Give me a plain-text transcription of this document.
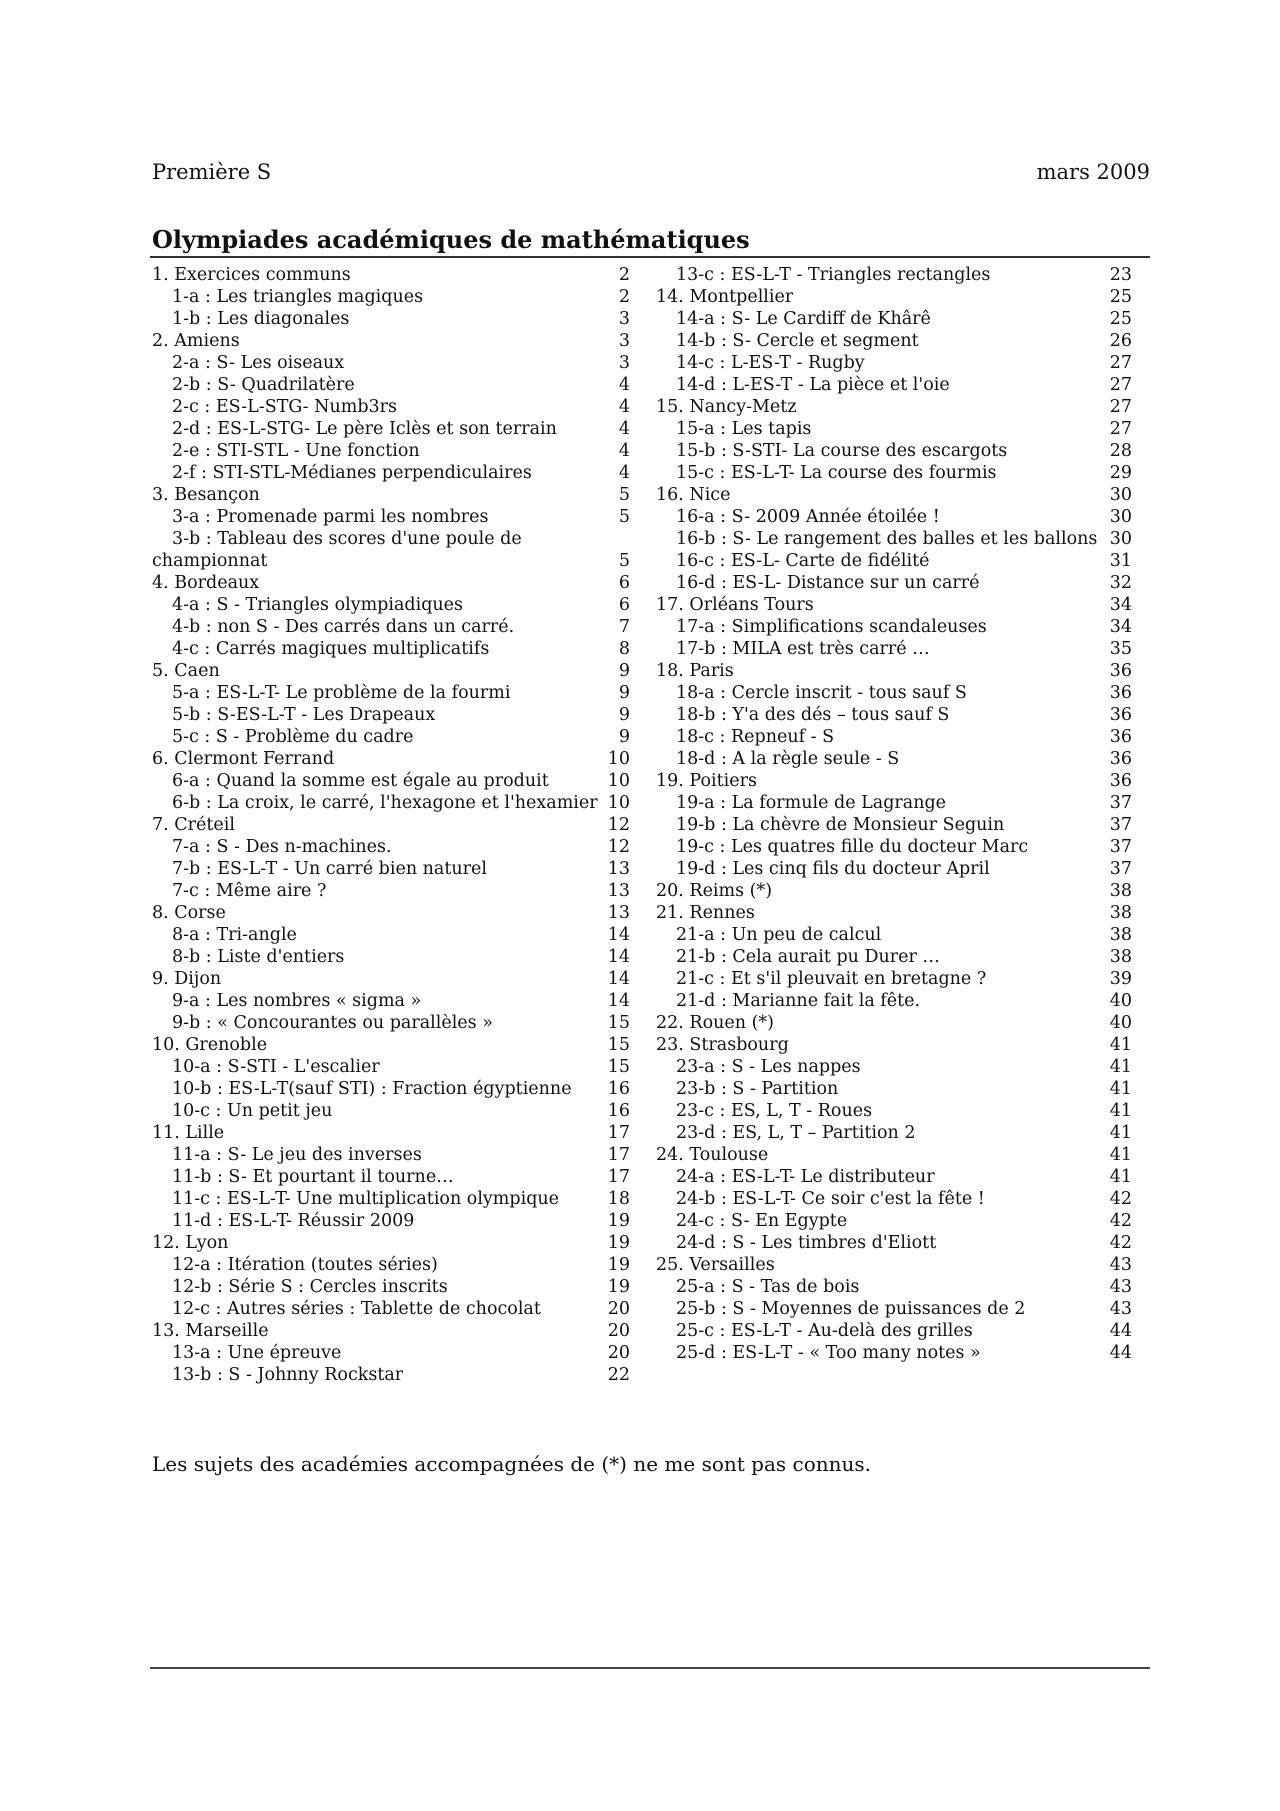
Première S	mars 2009
Olympiades académiques de mathématiques
1. Exercices communs	2
1-a : Les triangles magiques	2
1-b : Les diagonales	3
2. Amiens	3
2-a : S- Les oiseaux	3
2-b : S- Quadrilatère	4
2-c : ES-L-STG- Numb3rs	4
2-d : ES-L-STG- Le père Iclès et son terrain	4
2-e : STI-STL - Une fonction	4
2-f : STI-STL-Médianes perpendiculaires	4
3. Besançon	5
3-a : Promenade parmi les nombres	5
3-b : Tableau des scores d'une poule de
championnat	5
4. Bordeaux	6
4-a : S - Triangles olympiadiques	6
4-b : non S - Des carrés dans un carré.	7
4-c : Carrés magiques multiplicatifs	8
5. Caen	9
5-a : ES-L-T- Le problème de la fourmi	9
5-b : S-ES-L-T - Les Drapeaux	9
5-c : S - Problème du cadre	9
6. Clermont Ferrand	10
6-a : Quand la somme est égale au produit	10
6-b : La croix, le carré, l'hexagone et l'hexamier 10
7. Créteil	12
7-a : S - Des n-machines.	12
7-b : ES-L-T - Un carré bien naturel	13
7-c : Même aire ?	13
8. Corse	13
8-a : Tri-angle	14
8-b : Liste d'entiers	14
9. Dijon	14
9-a : Les nombres « sigma »	14
9-b : « Concourantes ou parallèles »	15
10. Grenoble	15
10-a : S-STI - L'escalier	15
10-b : ES-L-T(sauf STI) : Fraction égyptienne 16
10-c : Un petit jeu	16
11. Lille	17
11-a : S- Le jeu des inverses	17
11-b : S- Et pourtant il tourne…	17
11-c : ES-L-T- Une multiplication olympique	18
11-d : ES-L-T- Réussir 2009	19
12. Lyon	19
12-a : Itération (toutes séries)	19
12-b : Série S : Cercles inscrits	19
12-c : Autres séries : Tablette de chocolat	20
13. Marseille	20
13-a : Une épreuve	20
13-b : S - Johnny Rockstar	22
13-c : ES-L-T - Triangles rectangles	23
14. Montpellier	25
14-a : S- Le Cardiff de Khârê	25
14-b : S- Cercle et segment	26
14-c : L-ES-T - Rugby	27
14-d : L-ES-T - La pièce et l'oie	27
15. Nancy-Metz	27
15-a : Les tapis	27
15-b : S-STI- La course des escargots	28
15-c : ES-L-T- La course des fourmis	29
16. Nice	30
16-a : S- 2009 Année étoilée !	30
16-b : S- Le rangement des balles et les ballons 30
16-c : ES-L- Carte de fidélité	31
16-d : ES-L- Distance sur un carré	32
17. Orléans Tours	34
17-a : Simplifications scandaleuses	34
17-b : MILA est très carré …	35
18. Paris	36
18-a : Cercle inscrit - tous sauf S	36
18-b : Y'a des dés – tous sauf S	36
18-c : Repneuf - S	36
18-d : A la règle seule - S	36
19. Poitiers	36
19-a : La formule de Lagrange	37
19-b : La chèvre de Monsieur Seguin	37
19-c : Les quatres fille du docteur Marc	37
19-d : Les cinq fils du docteur April	37
20. Reims (*)	38
21. Rennes	38
21-a : Un peu de calcul	38
21-b : Cela aurait pu Durer …	38
21-c : Et s'il pleuvait en bretagne ?	39
21-d : Marianne fait la fête.	40
22. Rouen (*)	40
23. Strasbourg	41
23-a : S - Les nappes	41
23-b : S - Partition	41
23-c : ES, L, T - Roues	41
23-d : ES, L, T – Partition 2	41
24. Toulouse	41
24-a : ES-L-T- Le distributeur	41
24-b : ES-L-T- Ce soir c'est la fête !	42
24-c : S- En Egypte	42
24-d : S - Les timbres d'Eliott	42
25. Versailles	43
25-a : S - Tas de bois	43
25-b : S - Moyennes de puissances de 2	43
25-c : ES-L-T - Au-delà des grilles	44
25-d : ES-L-T - « Too many notes »	44
Les sujets des académies accompagnées de (*) ne me sont pas connus.
